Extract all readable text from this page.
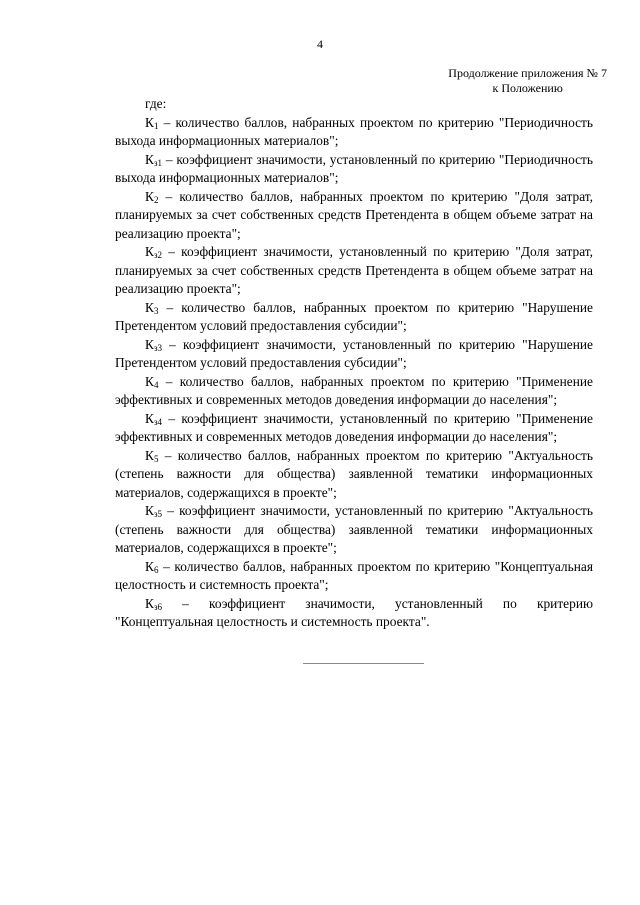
4
Продолжение приложения № 7
к Положению

где:

$К_1$ – количество баллов, набранных проектом по критерию "Периодичность выхода информационных материалов";

$К_{з1}$ – коэффициент значимости, установленный по критерию "Периодичность выхода информационных материалов";

$К_2$ – количество баллов, набранных проектом по критерию "Доля затрат, планируемых за счет собственных средств Претендента в общем объеме затрат на реализацию проекта";

$К_{з2}$ – коэффициент значимости, установленный по критерию "Доля затрат, планируемых за счет собственных средств Претендента в общем объеме затрат на реализацию проекта";

$К_3$ – количество баллов, набранных проектом по критерию "Нарушение Претендентом условий предоставления субсидии";

$К_{з3}$ – коэффициент значимости, установленный по критерию "Нарушение Претендентом условий предоставления субсидии";

$К_4$ – количество баллов, набранных проектом по критерию "Применение эффективных и современных методов доведения информации до населения";

$К_{з4}$ – коэффициент значимости, установленный по критерию "Применение эффективных и современных методов доведения информации до населения";

$К_5$ – количество баллов, набранных проектом по критерию "Актуальность (степень важности для общества) заявленной тематики информационных материалов, содержащихся в проекте";

$К_{з5}$ – коэффициент значимости, установленный по критерию "Актуальность (степень важности для общества) заявленной тематики информационных материалов, содержащихся в проекте";

$К_6$ – количество баллов, набранных проектом по критерию "Концептуальная целостность и системность проекта";

$К_{з6}$ – коэффициент значимости, установленный по критерию "Концептуальная целостность и системность проекта".
